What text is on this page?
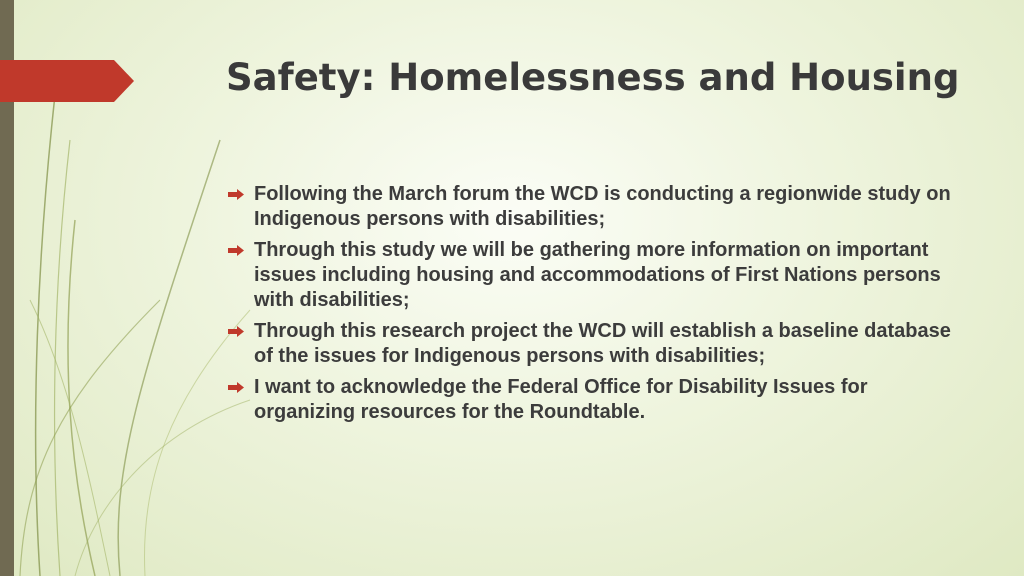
Safety: Homelessness and Housing
Following the March forum the WCD is conducting a regionwide study on Indigenous persons with disabilities;
Through this study we will be gathering more information on important issues including housing and accommodations of First Nations persons with disabilities;
Through this research project the WCD will establish a baseline database of the issues for Indigenous persons with disabilities;
I want to acknowledge the Federal Office for Disability Issues for organizing resources for the Roundtable.
